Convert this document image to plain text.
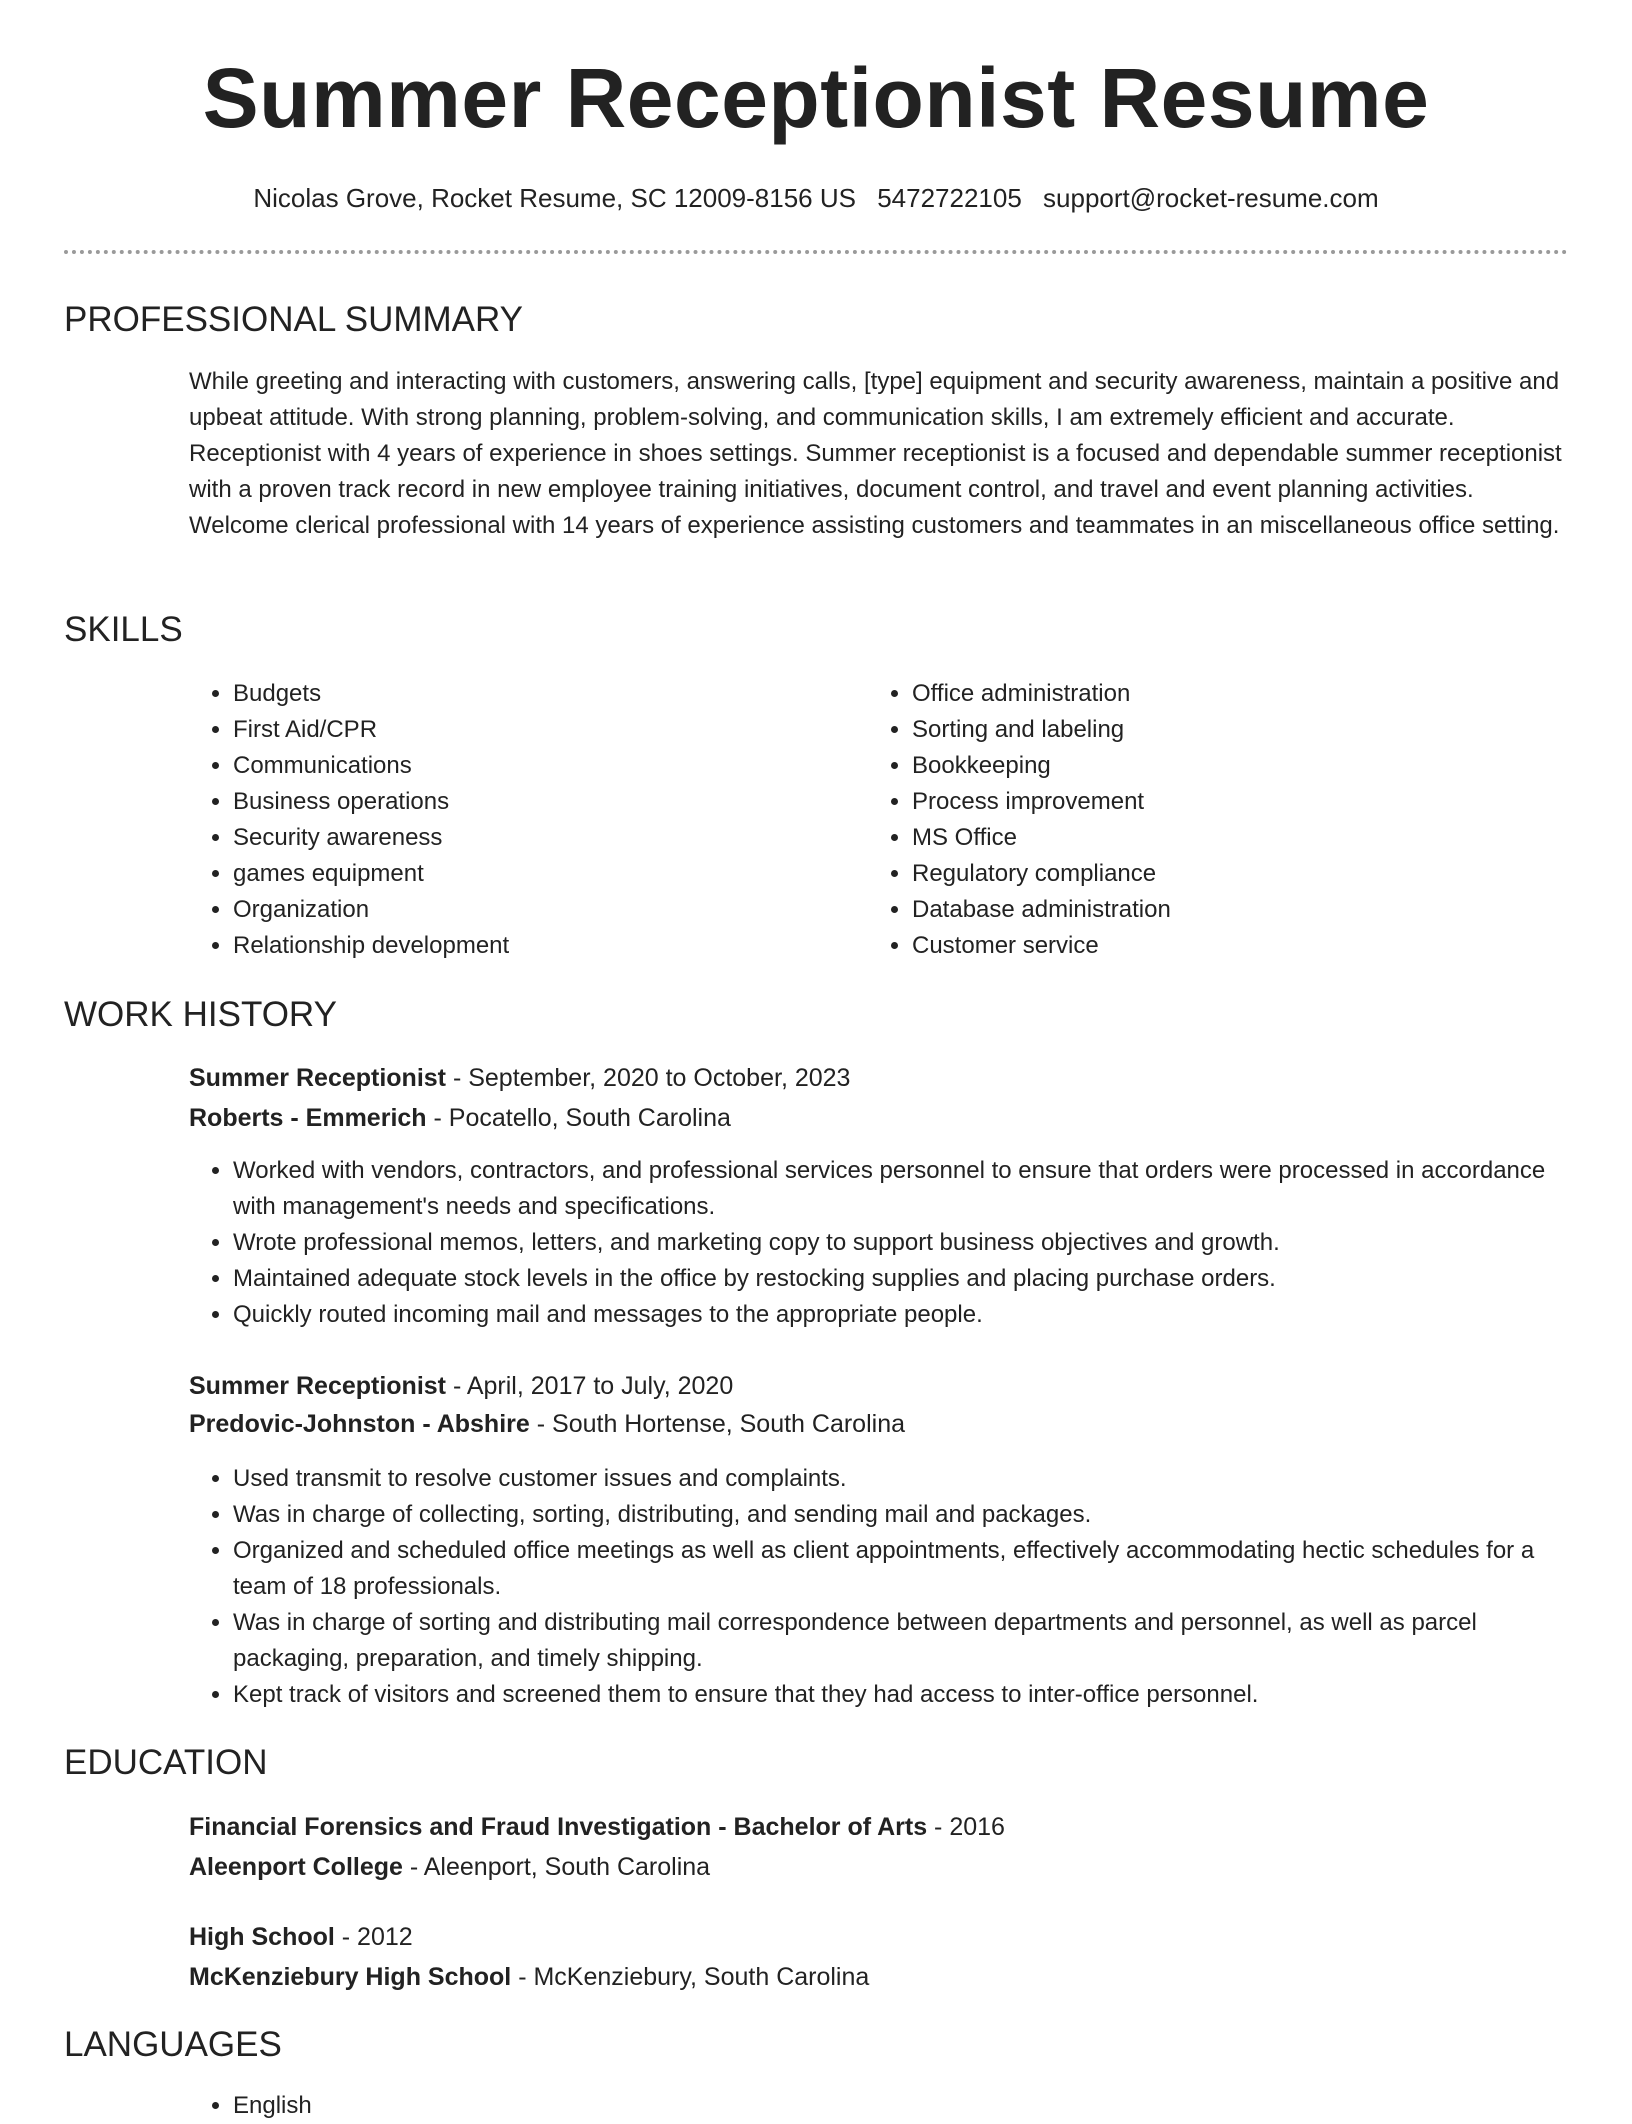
Summer Receptionist Resume
Nicolas Grove, Rocket Resume, SC 12009-8156 US 5472722105 support@rocket-resume.com
PROFESSIONAL SUMMARY

While greeting and interacting with customers, answering calls, [type] equipment and security awareness, maintain a positive and upbeat attitude. With strong planning, problem-solving, and communication skills, I am extremely efficient and accurate. Receptionist with 4 years of experience in shoes settings. Summer receptionist is a focused and dependable summer receptionist with a proven track record in new employee training initiatives, document control, and travel and event planning activities. Welcome clerical professional with 14 years of experience assisting customers and teammates in an miscellaneous office setting.

SKILLS
• Budgets
• First Aid/CPR
• Communications
• Business operations
• Security awareness
• games equipment
• Organization
• Relationship development
• Office administration
• Sorting and labeling
• Bookkeeping
• Process improvement
• MS Office
• Regulatory compliance
• Database administration
• Customer service
WORK HISTORY
Summer Receptionist - September, 2020 to October, 2023
Roberts - Emmerich - Pocatello, South Carolina
• Worked with vendors, contractors, and professional services personnel to ensure that orders were processed in accordance with management's needs and specifications.
• Wrote professional memos, letters, and marketing copy to support business objectives and growth.
• Maintained adequate stock levels in the office by restocking supplies and placing purchase orders.
• Quickly routed incoming mail and messages to the appropriate people.
Summer Receptionist - April, 2017 to July, 2020
Predovic-Johnston - Abshire - South Hortense, South Carolina
• Used transmit to resolve customer issues and complaints.
• Was in charge of collecting, sorting, distributing, and sending mail and packages.
• Organized and scheduled office meetings as well as client appointments, effectively accommodating hectic schedules for a team of 18 professionals.
• Was in charge of sorting and distributing mail correspondence between departments and personnel, as well as parcel packaging, preparation, and timely shipping.
• Kept track of visitors and screened them to ensure that they had access to inter-office personnel.
EDUCATION
Financial Forensics and Fraud Investigation - Bachelor of Arts - 2016
Aleenport College - Aleenport, South Carolina
High School - 2012
McKenziebury High School - McKenziebury, South Carolina
LANGUAGES
• English
